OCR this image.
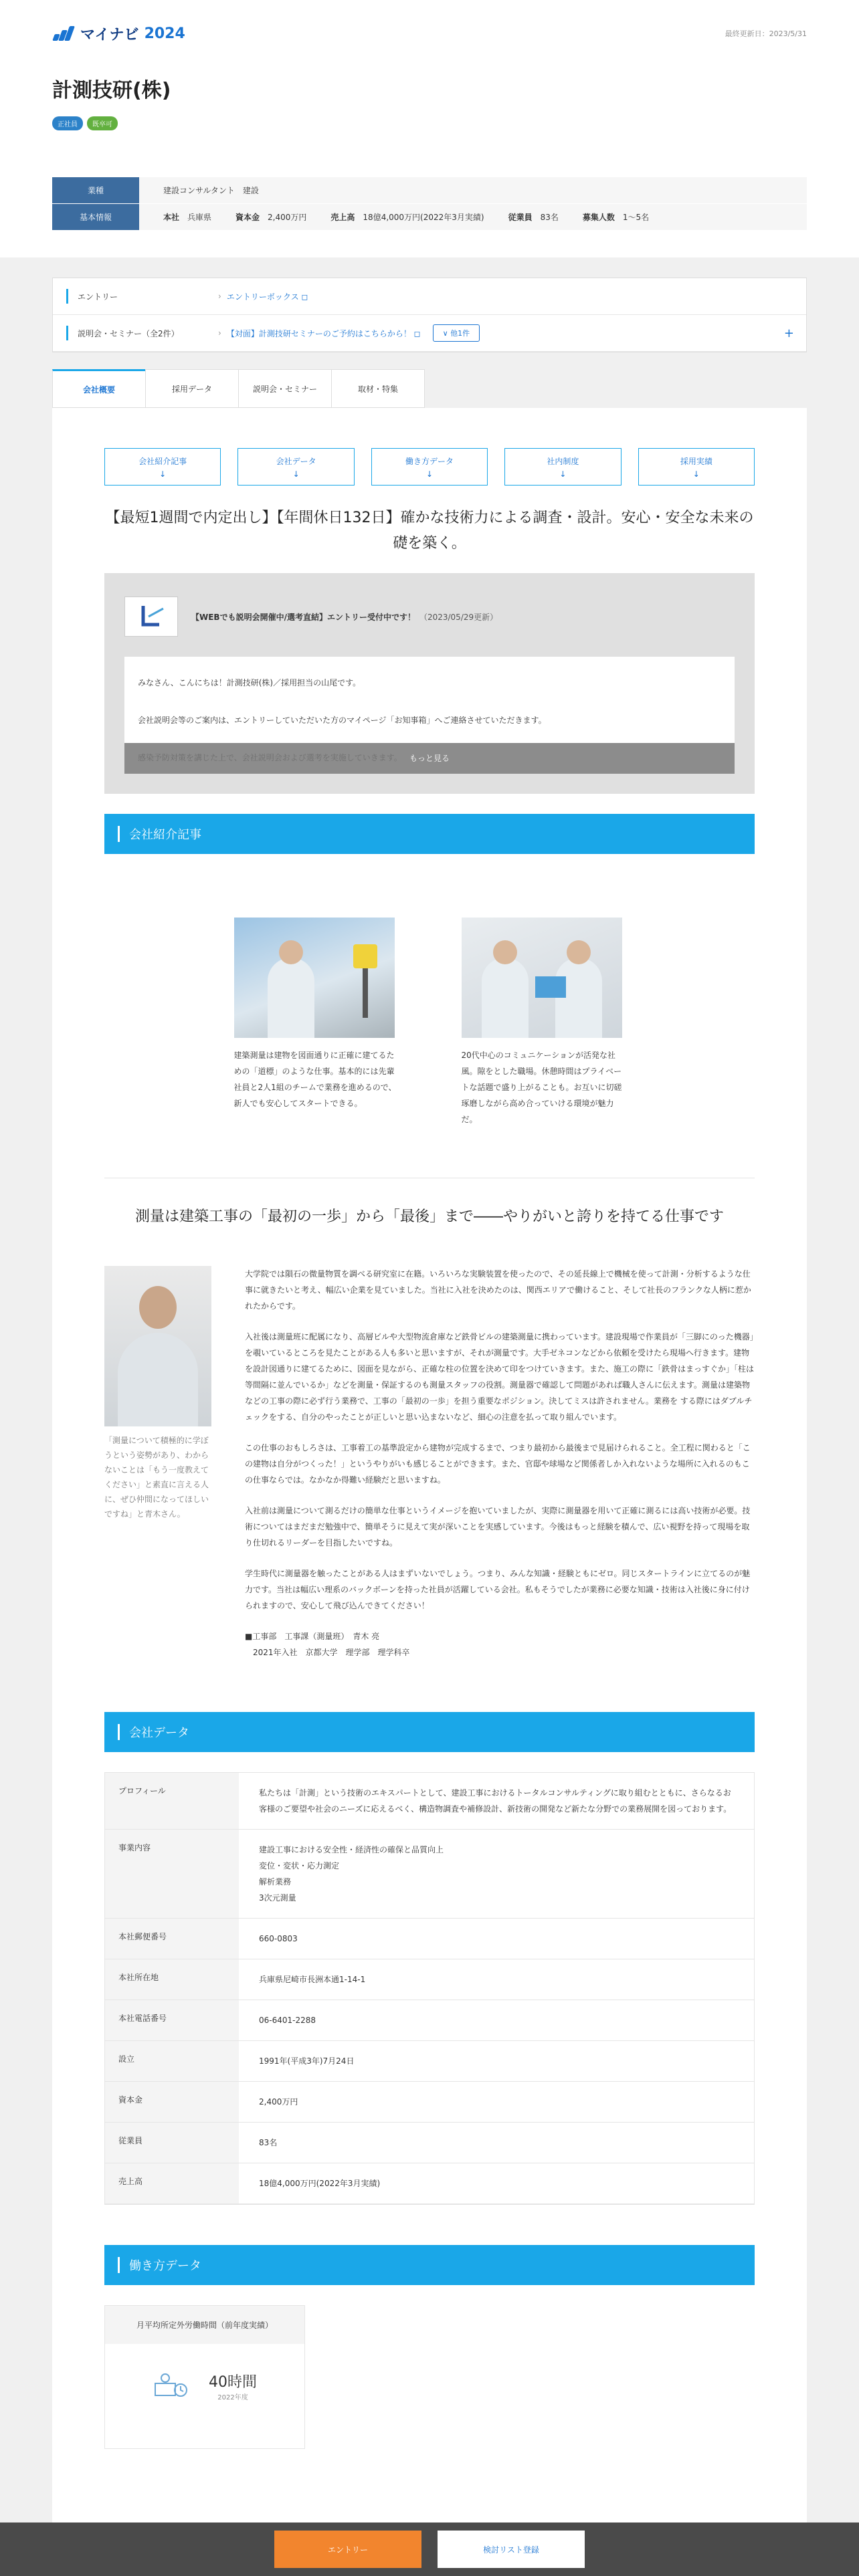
マイナビ 2024	最終更新日：2023/5/31
計測技研(株)
正社員	既卒可
業種	建設コンサルタント　建設
基本情報	本社 兵庫県	資本金 2,400万円	売上高 18億4,000万円(2022年3月実績)	従業員 83名	募集人数 1〜5名
エントリー	› エントリーボックス ◻
説明会・セミナー（全2件）	› 【対面】計測技研セミナーのご予約はこちらから！ ◻	∨ 他1件	+
会社概要	採用データ	説明会・セミナー	取材・特集
会社紹介記事
↓
会社データ
↓
働き方データ
↓
社内制度
↓
採用実績
↓
【最短1週間で内定出し】【年間休日132日】確かな技術力による調査・設計。安心・安全な未来の礎を築く。
【WEBでも説明会開催中/選考直結】エントリー受付中です！ （2023/05/29更新）

みなさん、こんにちは！計測技研(株)／採用担当の山尾です。

会社説明会等のご案内は、エントリーしていただいた方のマイページ「お知事箱」へご連絡させていただきます。

もっと見る
会社紹介記事

建築測量は建物を図面通りに正確に建てるための「道標」のような仕事。基本的には先輩社員と2人1組のチームで業務を進めるので、新人でも安心してスタートできる。

20代中心のコミュニケーションが活発な社風。隙をとした職場。休憩時間はプライベートな話題で盛り上がることも。お互いに切磋琢磨しながら高め合っていける環境が魅力だ。

測量は建築工事の「最初の一歩」から「最後」まで――やりがいと誇りを持てる仕事です

「測量について積極的に学ぼうという姿勢があり、わからないことは「もう一度教えてください」と素直に言える人に、ぜひ仲間になってほしいですね」と青木さん。

大学院では隕石の微量物質を調べる研究室に在籍。いろいろな実験装置を使ったので、その延長線上で機械を使って計測・分析するような仕事に就きたいと考え、幅広い企業を見ていました。当社に入社を決めたのは、関西エリアで働けること、そして社長のフランクな人柄に惹かれたからです。

入社後は測量班に配属になり、高層ビルや大型物流倉庫など鉄骨ビルの建築測量に携わっています。建設現場で作業員が「三脚にのった機器」を覗いているところを見たことがある人も多いと思いますが、それが測量です。大手ゼネコンなどから依頼を受けたら現場へ行きます。建物を設計図通りに建てるために、図面を見ながら、正確な柱の位置を決めて印をつけていきます。また、施工の際に「鉄骨はまっすぐか」「柱は等間隔に並んでいるか」などを測量・保証するのも測量スタッフの役割。測量器で確認して問題があれば職人さんに伝えます。測量は建築物などの工事の際に必ず行う業務で、工事の「最初の一歩」を担う重要なポジション。決してミスは許されません。業務を する際にはダブルチェックをする、自分のやったことが正しいと思い込まないなど、細心の注意を払って取り組んでいます。

この仕事のおもしろさは、工事着工の基準設定から建物が完成するまで、つまり最初から最後まで見届けられること。全工程に関わると「この建物は自分がつくった！」というやりがいも感じることができます。また、官邸や球場など関係者しか入れないような場所に入れるのもこの仕事ならでは。なかなか得難い経験だと思いますね。

入社前は測量について測るだけの簡単な仕事というイメージを抱いていましたが、実際に測量器を用いて正確に測るには高い技術が必要。技術についてはまだまだ勉強中で、簡単そうに見えて実が深いことを実感しています。今後はもっと経験を積んで、広い視野を持って現場を取り仕切れるリーダーを目指したいですね。

学生時代に測量器を触ったことがある人はまずいないでしょう。つまり、みんな知識・経験ともにゼロ。同じスタートラインに立てるのが魅力です。当社は幅広い理系のバックボーンを持った社員が活躍している会社。私もそうでしたが業務に必要な知識・技術は入社後に身に付けられますので、安心して飛び込んできてください！

■工事部　工事課（測量班）　青木 亮

2021年入社　京都大学　理学部　理学科卒

会社データ
プロフィール	私たちは「計測」という技術のエキスパートとして、建設工事におけるトータルコンサルティングに取り組むとともに、さらなるお客様のご要望や社会のニーズに応えるべく、構造物調査や補修設計、新技術の開発など新たな分野での業務展開を図っております。
事業内容	建設工事における安全性・経済性の確保と品質向上
変位・変状・応力測定
解析業務
3次元測量
本社郵便番号	660-0803
本社所在地	兵庫県尼崎市長洲本通1-14-1
本社電話番号	06-6401-2288
設立	1991年(平成3年)7月24日
資本金	2,400万円
従業員	83名
売上高	18億4,000万円(2022年3月実績)
働き方データ
月平均所定外労働時間（前年度実績）
40時間
2022年度
エントリー	検討リスト登録
